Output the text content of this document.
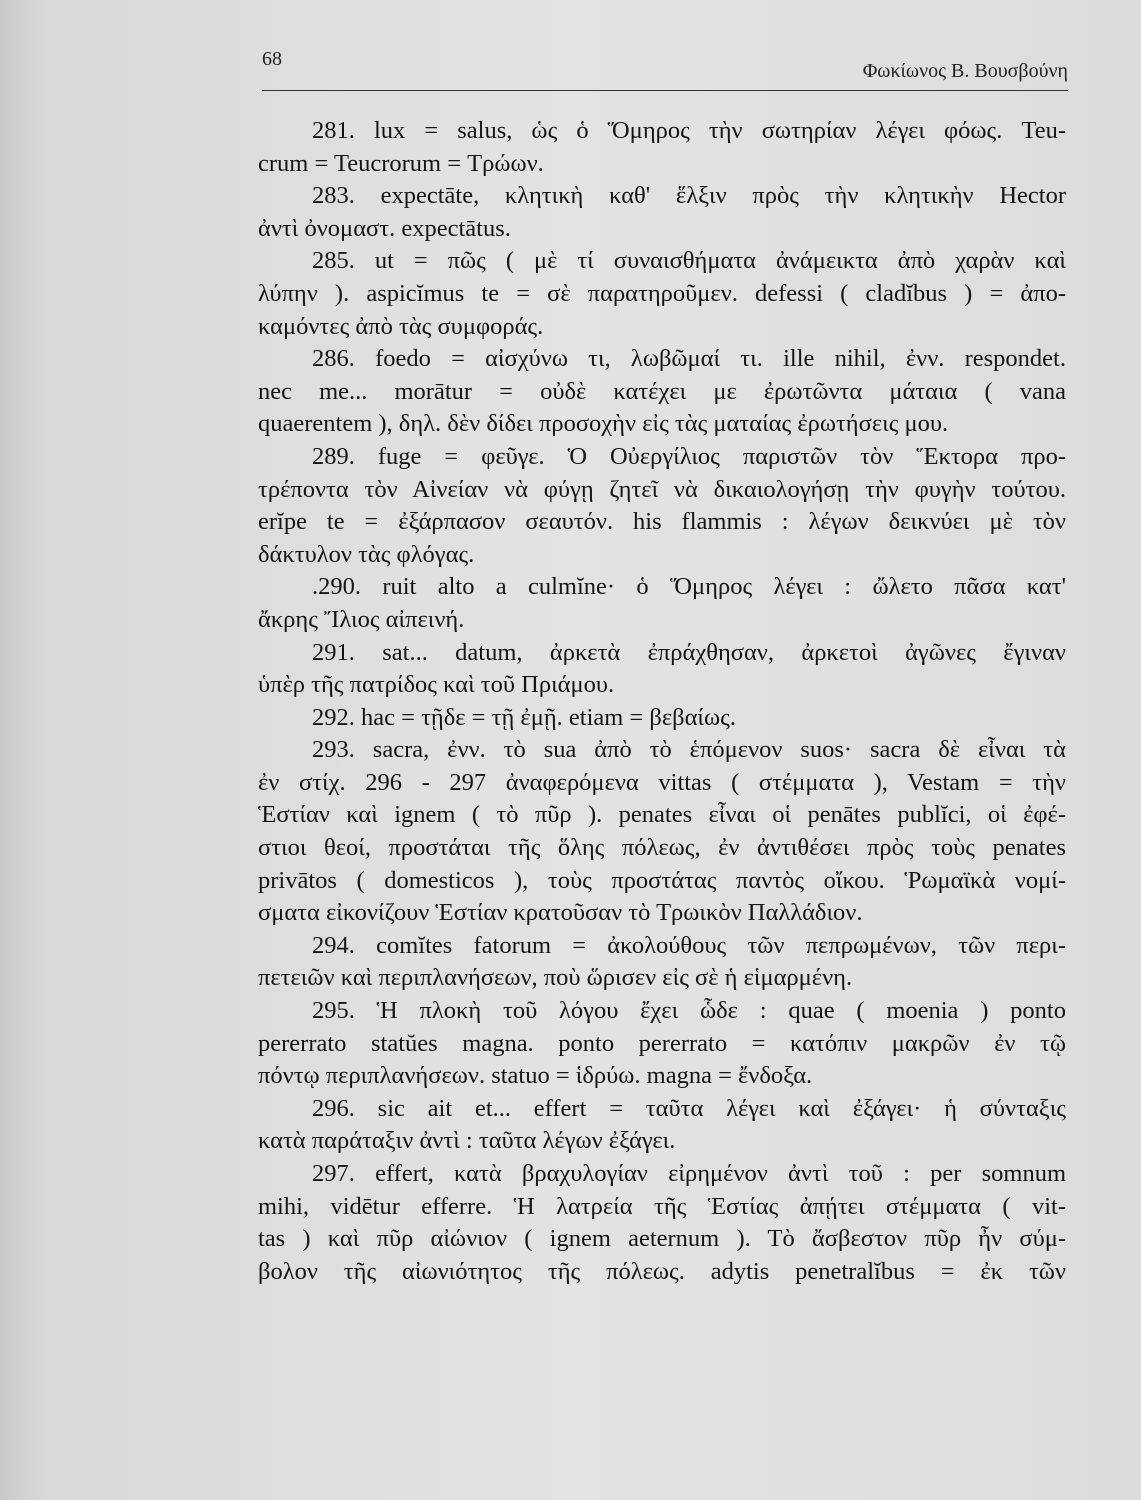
68
Φωκίωνος Β. Βουσβούνη
281. lux = salus, ὡς ὁ Ὅμηρος τὴν σωτηρίαν λέγει φόως. Teu-
crum = Teucrorum = Τρώων.
283. expectāte, κλητικὴ καθ' ἕλξιν πρὸς τὴν κλητικὴν Hector
ἀντὶ ὀνομαστ. expectātus.
285. ut = πῶς ( μὲ τί συναισθήματα ἀνάμεικτα ἀπὸ χαρὰν καὶ
λύπην ). aspicĭmus te = σὲ παρατηροῦμεν. defessi ( cladĭbus ) = ἀπο-
καμόντες ἀπὸ τὰς συμφοράς.
286. foedo = αἰσχύνω τι, λωβῶμαί τι. ille nihil, ἐνν. respondet.
nec me... morātur = οὐδὲ κατέχει με ἐρωτῶντα μάταια ( vana
quaerentem ), δηλ. δὲν δίδει προσοχὴν εἰς τὰς ματαίας ἐρωτήσεις μου.
289. fuge = φεῦγε. Ὁ Οὐεργίλιος παριστῶν τὸν Ἕκτορα προ-
τρέποντα τὸν Αἰνείαν νὰ φύγῃ ζητεῖ νὰ δικαιολογήσῃ τὴν φυγὴν τούτου.
erĭpe te = ἐξάρπασον σεαυτόν. his flammis : λέγων δεικνύει μὲ τὸν
δάκτυλον τὰς φλόγας.
.290. ruit alto a culmĭne· ὁ Ὅμηρος λέγει : ὤλετο πᾶσα κατ'
ἄκρης Ἴλιος αἰπεινή.
291. sat... datum, ἀρκετὰ ἐπράχθησαν, ἀρκετοὶ ἀγῶνες ἔγιναν
ὑπὲρ τῆς πατρίδος καὶ τοῦ Πριάμου.
292. hac = τῇδε = τῇ ἐμῇ. etiam = βεβαίως.
293. sacra, ἐνν. τὸ sua ἀπὸ τὸ ἑπόμενον suos· sacra δὲ εἶναι τὰ
ἐν στίχ. 296 - 297 ἀναφερόμενα vittas ( στέμματα ), Vestam = τὴν
Ἑστίαν καὶ ignem ( τὸ πῦρ ). penates εἶναι οἱ penātes publĭci, οἱ ἐφέ-
στιοι θεοί, προστάται τῆς ὅλης πόλεως, ἐν ἀντιθέσει πρὸς τοὺς penates
privātos ( domesticos ), τοὺς προστάτας παντὸς οἴκου. Ῥωμαϊκὰ νομί-
σματα εἰκονίζουν Ἑστίαν κρατοῦσαν τὸ Τρωικὸν Παλλάδιον.
294. comĭtes fatorum = ἀκολούθους τῶν πεπρωμένων, τῶν περι-
πετειῶν καὶ περιπλανήσεων, ποὺ ὥρισεν εἰς σὲ ἡ εἱμαρμένη.
295. Ἡ πλοκὴ τοῦ λόγου ἔχει ὧδε : quae ( moenia ) ponto
pererrato statŭes magna. ponto pererrato = κατόπιν μακρῶν ἐν τῷ
πόντῳ περιπλανήσεων. statuo = ἱδρύω. magna = ἔνδοξα.
296. sic ait et... effert = ταῦτα λέγει καὶ ἐξάγει· ἡ σύνταξις
κατὰ παράταξιν ἀντὶ : ταῦτα λέγων ἐξάγει.
297. effert, κατὰ βραχυλογίαν εἰρημένον ἀντὶ τοῦ : per somnum
mihi, vidētur efferre. Ἡ λατρεία τῆς Ἑστίας ἀπῄτει στέμματα ( vit-
tas ) καὶ πῦρ αἰώνιον ( ignem aeternum ). Τὸ ἄσβεστον πῦρ ἦν σύμ-
βολον τῆς αἰωνιότητος τῆς πόλεως. adytis penetralĭbus = ἐκ τῶν
